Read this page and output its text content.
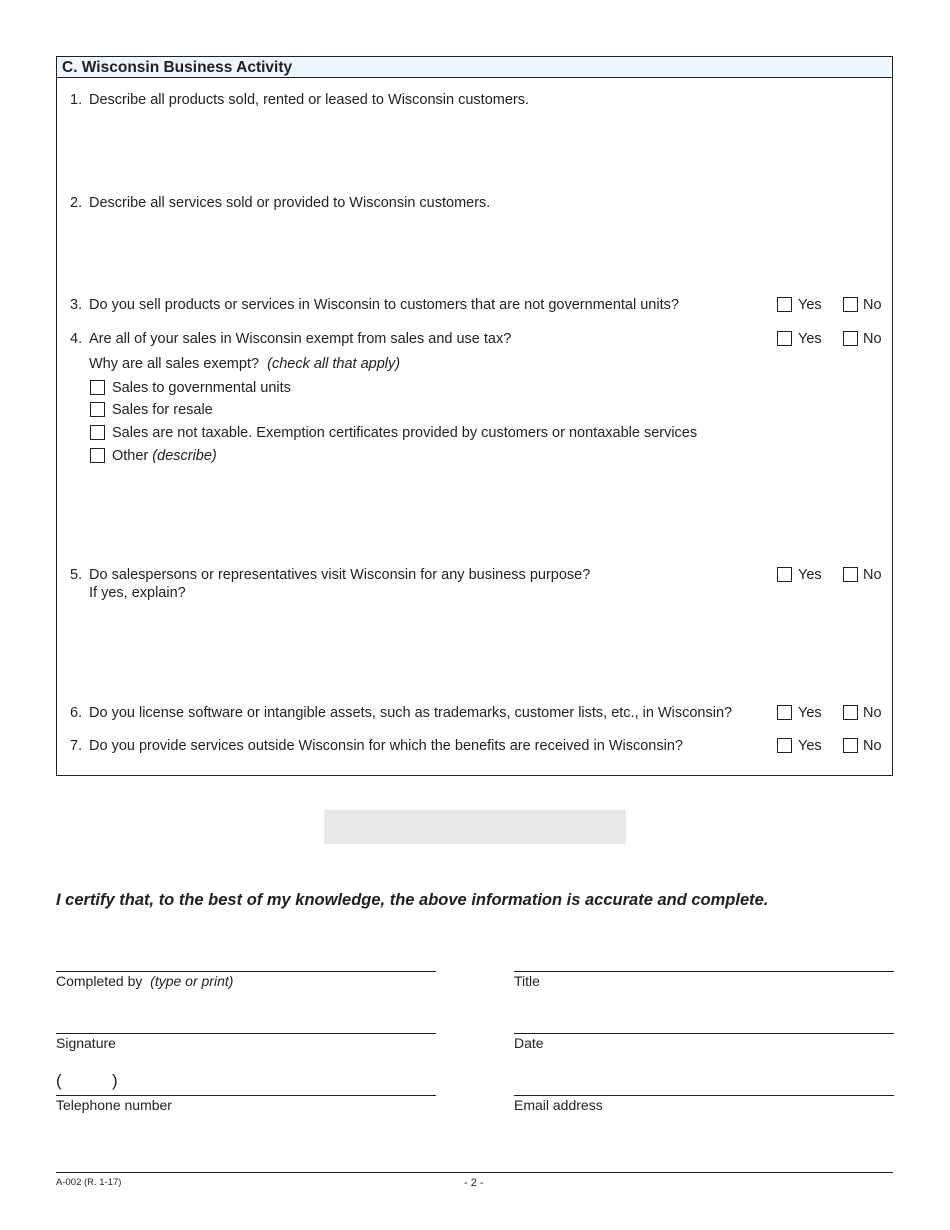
C. Wisconsin Business Activity
1. Describe all products sold, rented or leased to Wisconsin customers.
2. Describe all services sold or provided to Wisconsin customers.
3. Do you sell products or services in Wisconsin to customers that are not governmental units?	Yes	No
4. Are all of your sales in Wisconsin exempt from sales and use tax?	Yes	No
Why are all sales exempt? (check all that apply)
Sales to governmental units
Sales for resale
Sales are not taxable. Exemption certificates provided by customers or nontaxable services
Other (describe)
5. Do salespersons or representatives visit Wisconsin for any business purpose?
If yes, explain?
Yes	No
6. Do you license software or intangible assets, such as trademarks, customer lists, etc., in Wisconsin?	Yes	No
7. Do you provide services outside Wisconsin for which the benefits are received in Wisconsin?	Yes	No
I certify that, to the best of my knowledge, the above information is accurate and complete.
Completed by (type or print)	Title
Signature	Date
(	)
Telephone number	Email address
A-002 (R. 1-17)	- 2 -
